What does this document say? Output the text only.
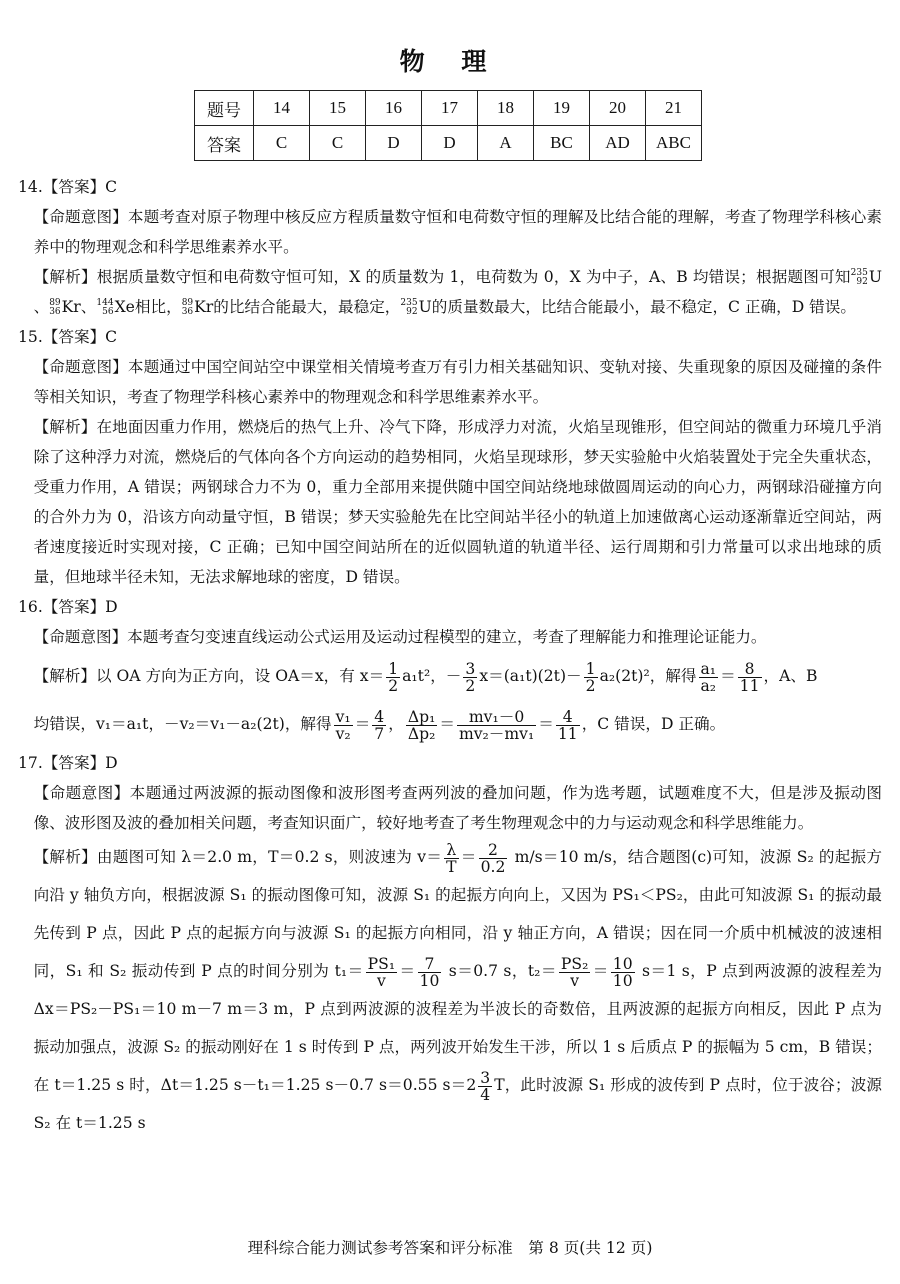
物 理
题号	14	15	16	17	18	19	20	21
答案	C	C	D	D	A	BC	AD	ABC

14.【答案】C

【命题意图】本题考查对原子物理中核反应方程质量数守恒和电荷数守恒的理解及比结合能的理解，考查了物理学科核心素养中的物理观念和科学思维素养水平。

【解析】根据质量数守恒和电荷数守恒可知，X 的质量数为 1，电荷数为 0，X 为中子，A、B 均错误；根据题图可知235
92U、89
36Kr、144
56Xe相比，89
36Kr的比结合能最大，最稳定，235
92U的质量数最大，比结合能最小，最不稳定，C 正确，D 错误。

15.【答案】C

【命题意图】本题通过中国空间站空中课堂相关情境考查万有引力相关基础知识、变轨对接、失重现象的原因及碰撞的条件等相关知识，考查了物理学科核心素养中的物理观念和科学思维素养水平。

【解析】在地面因重力作用，燃烧后的热气上升、冷气下降，形成浮力对流，火焰呈现锥形，但空间站的微重力环境几乎消除了这种浮力对流，燃烧后的气体向各个方向运动的趋势相同，火焰呈现球形，梦天实验舱中火焰装置处于完全失重状态，受重力作用，A 错误；两钢球合力不为 0，重力全部用来提供随中国空间站绕地球做圆周运动的向心力，两钢球沿碰撞方向的合外力为 0，沿该方向动量守恒，B 错误；梦天实验舱先在比空间站半径小的轨道上加速做离心运动逐渐靠近空间站，两者速度接近时实现对接，C 正确；已知中国空间站所在的近似圆轨道的轨道半径、运行周期和引力常量可以求出地球的质量，但地球半径未知，无法求解地球的密度，D 错误。

16.【答案】D

【命题意图】本题考查匀变速直线运动公式运用及运动过程模型的建立，考查了理解能力和推理论证能力。

【解析】以 OA 方向为正方向，设 OA＝x，有 $x= \frac{1}{2} a_1t^2$，－ $\frac{3}{2} x=(a_1t)(2t)- \frac{1}{2} a_2(2t)^2$，解得 $\frac{\text{a₁}}{\text{a₂}} = \frac{8}{11}$ ，A、B
均错误，v₁＝a₁t，－v₂＝v₁－a₂(2t)，解得 $\frac{\text{v₁}}{\text{v₂}} = \frac{4}{7}$ ， $\frac{\text{Δp₁}}{\text{Δp₂}} = \frac{\text{mv₁－0}}{\text{mv₂－mv₁}} = \frac{4}{11}$ ，C 错误，D 正确。

17.【答案】D

【命题意图】本题通过两波源的振动图像和波形图考查两列波的叠加问题，作为选考题，试题难度不大，但是涉及振动图像、波形图及波的叠加相关问题，考查知识面广，较好地考查了考生物理观念中的力与运动观念和科学思维能力。

【解析】由题图可知 λ＝2.0 m，T＝0.2 s，则波速为 $v= \frac{\lambda}{T} = \frac{2}{0.2} m/s=10$ m/s，结合题图(c)可知，波源 S₂ 的起振方向沿 y 轴负方向，根据波源 S₁ 的振动图像可知，波源 S₁ 的起振方向向上，又因为 PS₁＜PS₂，由此可知波源 S₁ 的振动最先传到 P 点，因此 P 点的起振方向与波源 S₁ 的起振方向相同，沿 y 轴正方向，A 错误；因在同一介质中机械波的波速相同，S₁ 和 S₂ 振动传到 P 点的时间分别为 $t_1= \frac{\text{PS₁}}{v} = \frac{7}{10} s=0.7$ s，$t_2= \frac{\text{PS₂}}{v} = \frac{10}{10} s=1$ s，P 点到两波源的波程差为 Δx＝PS₂－PS₁＝10 m－7 m＝3 m，P 点到两波源的波程差为半波长的奇数倍，且两波源的起振方向相反，因此 P 点为振动加强点，波源 S₂ 的振动刚好在 1 s 时传到 P 点，两列波开始发生干涉，所以 1 s 后质点 P 的振幅为 5 cm，B 错误；在 t＝1.25 s 时，Δt＝1.25 s－t₁＝1.25 s－0.7 s＝0.55 $s=2 \frac{3}{4}$ T，此时波源 S₁ 形成的波传到 P 点时，位于波谷；波源 S₂ 在 t＝1.25 s

理科综合能力测试参考答案和评分标准　第 8 页(共 12 页)
